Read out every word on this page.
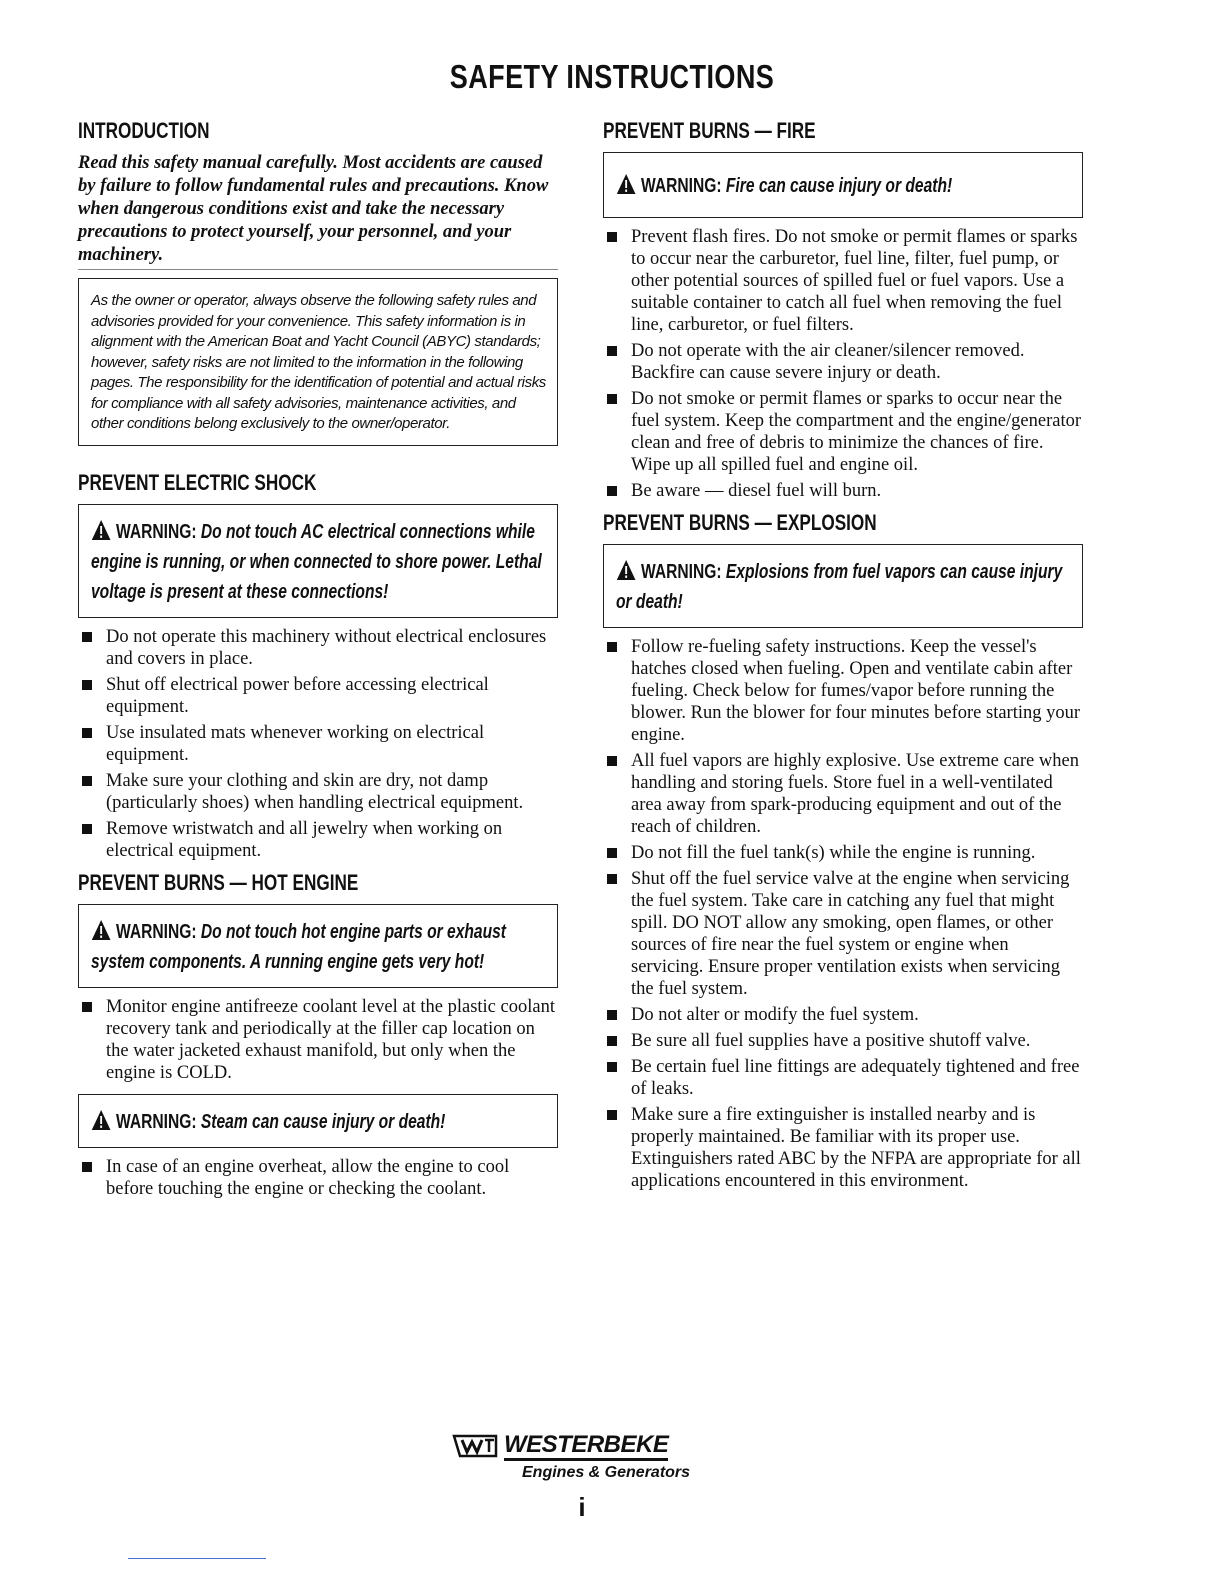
SAFETY INSTRUCTIONS
INTRODUCTION
Read this safety manual carefully. Most accidents are caused by failure to follow fundamental rules and precautions. Know when dangerous conditions exist and take the necessary precautions to protect yourself, your personnel, and your machinery.
As the owner or operator, always observe the following safety rules and advisories provided for your convenience. This safety information is in alignment with the American Boat and Yacht Council (ABYC) standards; however, safety risks are not limited to the information in the following pages. The responsibility for the identification of potential and actual risks for compliance with all safety advisories, maintenance activities, and other conditions belong exclusively to the owner/operator.
PREVENT ELECTRIC SHOCK
WARNING: Do not touch AC electrical connections while engine is running, or when connected to shore power. Lethal voltage is present at these connections!
Do not operate this machinery without electrical enclosures and covers in place.
Shut off electrical power before accessing electrical equipment.
Use insulated mats whenever working on electrical equipment.
Make sure your clothing and skin are dry, not damp (particularly shoes) when handling electrical equipment.
Remove wristwatch and all jewelry when working on electrical equipment.
PREVENT BURNS — HOT ENGINE
WARNING: Do not touch hot engine parts or exhaust system components. A running engine gets very hot!
Monitor engine antifreeze coolant level at the plastic coolant recovery tank and periodically at the filler cap location on the water jacketed exhaust manifold, but only when the engine is COLD.
WARNING: Steam can cause injury or death!
In case of an engine overheat, allow the engine to cool before touching the engine or checking the coolant.
PREVENT BURNS — FIRE
WARNING: Fire can cause injury or death!
Prevent flash fires. Do not smoke or permit flames or sparks to occur near the carburetor, fuel line, filter, fuel pump, or other potential sources of spilled fuel or fuel vapors. Use a suitable container to catch all fuel when removing the fuel line, carburetor, or fuel filters.
Do not operate with the air cleaner/silencer removed. Backfire can cause severe injury or death.
Do not smoke or permit flames or sparks to occur near the fuel system. Keep the compartment and the engine/generator clean and free of debris to minimize the chances of fire. Wipe up all spilled fuel and engine oil.
Be aware — diesel fuel will burn.
PREVENT BURNS — EXPLOSION
WARNING: Explosions from fuel vapors can cause injury or death!
Follow re-fueling safety instructions. Keep the vessel's hatches closed when fueling. Open and ventilate cabin after fueling. Check below for fumes/vapor before running the blower. Run the blower for four minutes before starting your engine.
All fuel vapors are highly explosive. Use extreme care when handling and storing fuels. Store fuel in a well-ventilated area away from spark-producing equipment and out of the reach of children.
Do not fill the fuel tank(s) while the engine is running.
Shut off the fuel service valve at the engine when servicing the fuel system. Take care in catching any fuel that might spill. DO NOT allow any smoking, open flames, or other sources of fire near the fuel system or engine when servicing. Ensure proper ventilation exists when servicing the fuel system.
Do not alter or modify the fuel system.
Be sure all fuel supplies have a positive shutoff valve.
Be certain fuel line fittings are adequately tightened and free of leaks.
Make sure a fire extinguisher is installed nearby and is properly maintained. Be familiar with its proper use. Extinguishers rated ABC by the NFPA are appropriate for all applications encountered in this environment.
WESTERBEKE
Engines & Generators
i
